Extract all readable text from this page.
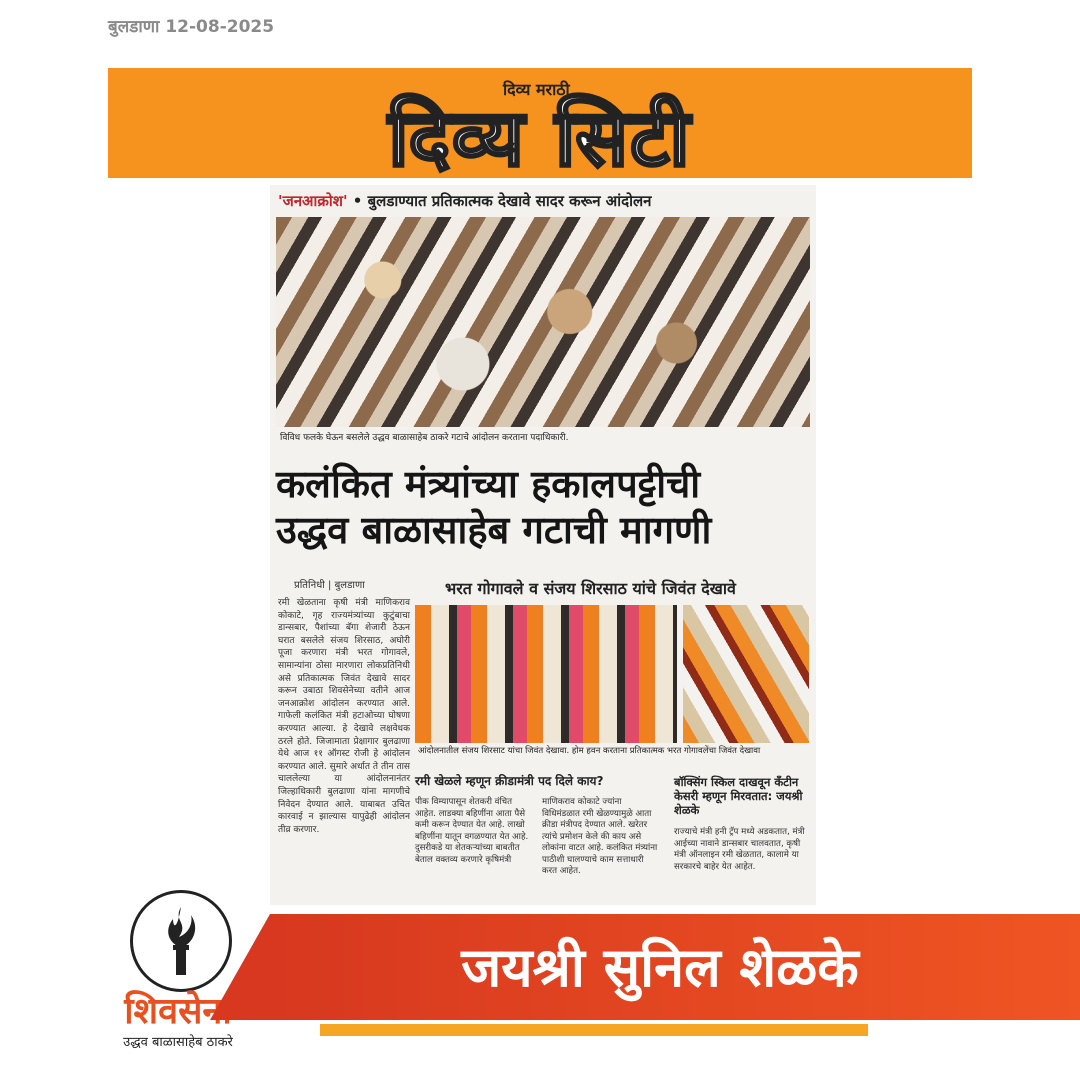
बुलडाणा 12-08-2025
दिव्य मराठी
दिव्य सिटी
'जनआक्रोश' • बुलडाण्यात प्रतिकात्मक देखावे सादर करून आंदोलन
विविध फलके घेऊन बसलेले उद्धव बाळासाहेब ठाकरे गटाचे आंदोलन करताना पदाधिकारी.
कलंकित मंत्र्यांच्या हकालपट्टीची
उद्धव बाळासाहेब गटाची मागणी
प्रतिनिधी | बुलडाणा
रमी खेळताना कृषी मंत्री माणिकराव कोकाटे, गृह राज्यमंत्र्यांच्या कुटुंबाचा डान्सबार, पैशांच्या बॅगा शेजारी ठेऊन घरात बसलेले संजय शिरसाठ, अघोरी पूजा करणारा मंत्री भरत गोगावले, सामान्यांना ठोसा मारणारा लोकप्रतिनिधी असे प्रतिकात्मक जिवंत देखावे सादर करून उबाठा शिवसेनेच्या वतीने आज जनआक्रोश आंदोलन करण्यात आले. गाफेली कलंकित मंत्री हटाओच्या घोषणा करण्यात आल्या. हे देखावे लक्षवेधक ठरले होते. जिजामाता प्रेक्षागार बुलढाणा येथे आज ११ ऑगस्ट रोजी हे आंदोलन करण्यात आले. सुमारे अर्धात ते तीन तास चाललेल्या या आंदोलनानंतर जिल्हाधिकारी बुलढाणा यांना मागणीचे निवेदन देण्यात आले. याबाबत उचित कारवाई न झाल्यास यापुढेही आंदोलन तीव्र करणार.
भरत गोगावले व संजय शिरसाठ यांचे जिवंत देखावे
आंदोलनातील संजय शिरसाट यांचा जिवंत देखावा. होम हवन करताना प्रतिकात्मक भरत गोगावलेंचा जिवंत देखावा
रमी खेळले म्हणून क्रीडामंत्री पद दिले काय?
पीक विम्यापासून शेतकरी वंचित आहेत. लाडक्या बहिणींना आता पैसे कमी करून देण्यात येत आहे. लाखो बहिणींना यातून वगळण्यात येत आहे. दुसरीकडे या शेतकऱ्यांच्या बाबतीत बेताल वक्तव्य करणारे कृषिमंत्री
माणिकराव कोकाटे ज्यांना विधिमंडळात रमी खेळण्यामुळे आता क्रीडा मंत्रीपद देण्यात आले. खरेतर त्यांचे प्रमोशन केले की काय असे लोकांना वाटत आहे. कलंकित मंत्र्यांना पाठीशी घालण्याचे काम सत्ताधारी करत आहेत.
बॉक्सिंग स्किल दाखवून कँटीन केसरी म्हणून मिरवतात: जयश्री शेळके
राज्याचे मंत्री हनी ट्रॅप मध्ये अडकतात, मंत्री आईच्या नावाने डान्सबार चालवतात, कृषी मंत्री ऑनलाइन रमी खेळतात, कालामे या सरकारचे बाहेर येत आहेत.
शिवसेना
उद्धव बाळासाहेब ठाकरे
जयश्री सुनिल शेळके
